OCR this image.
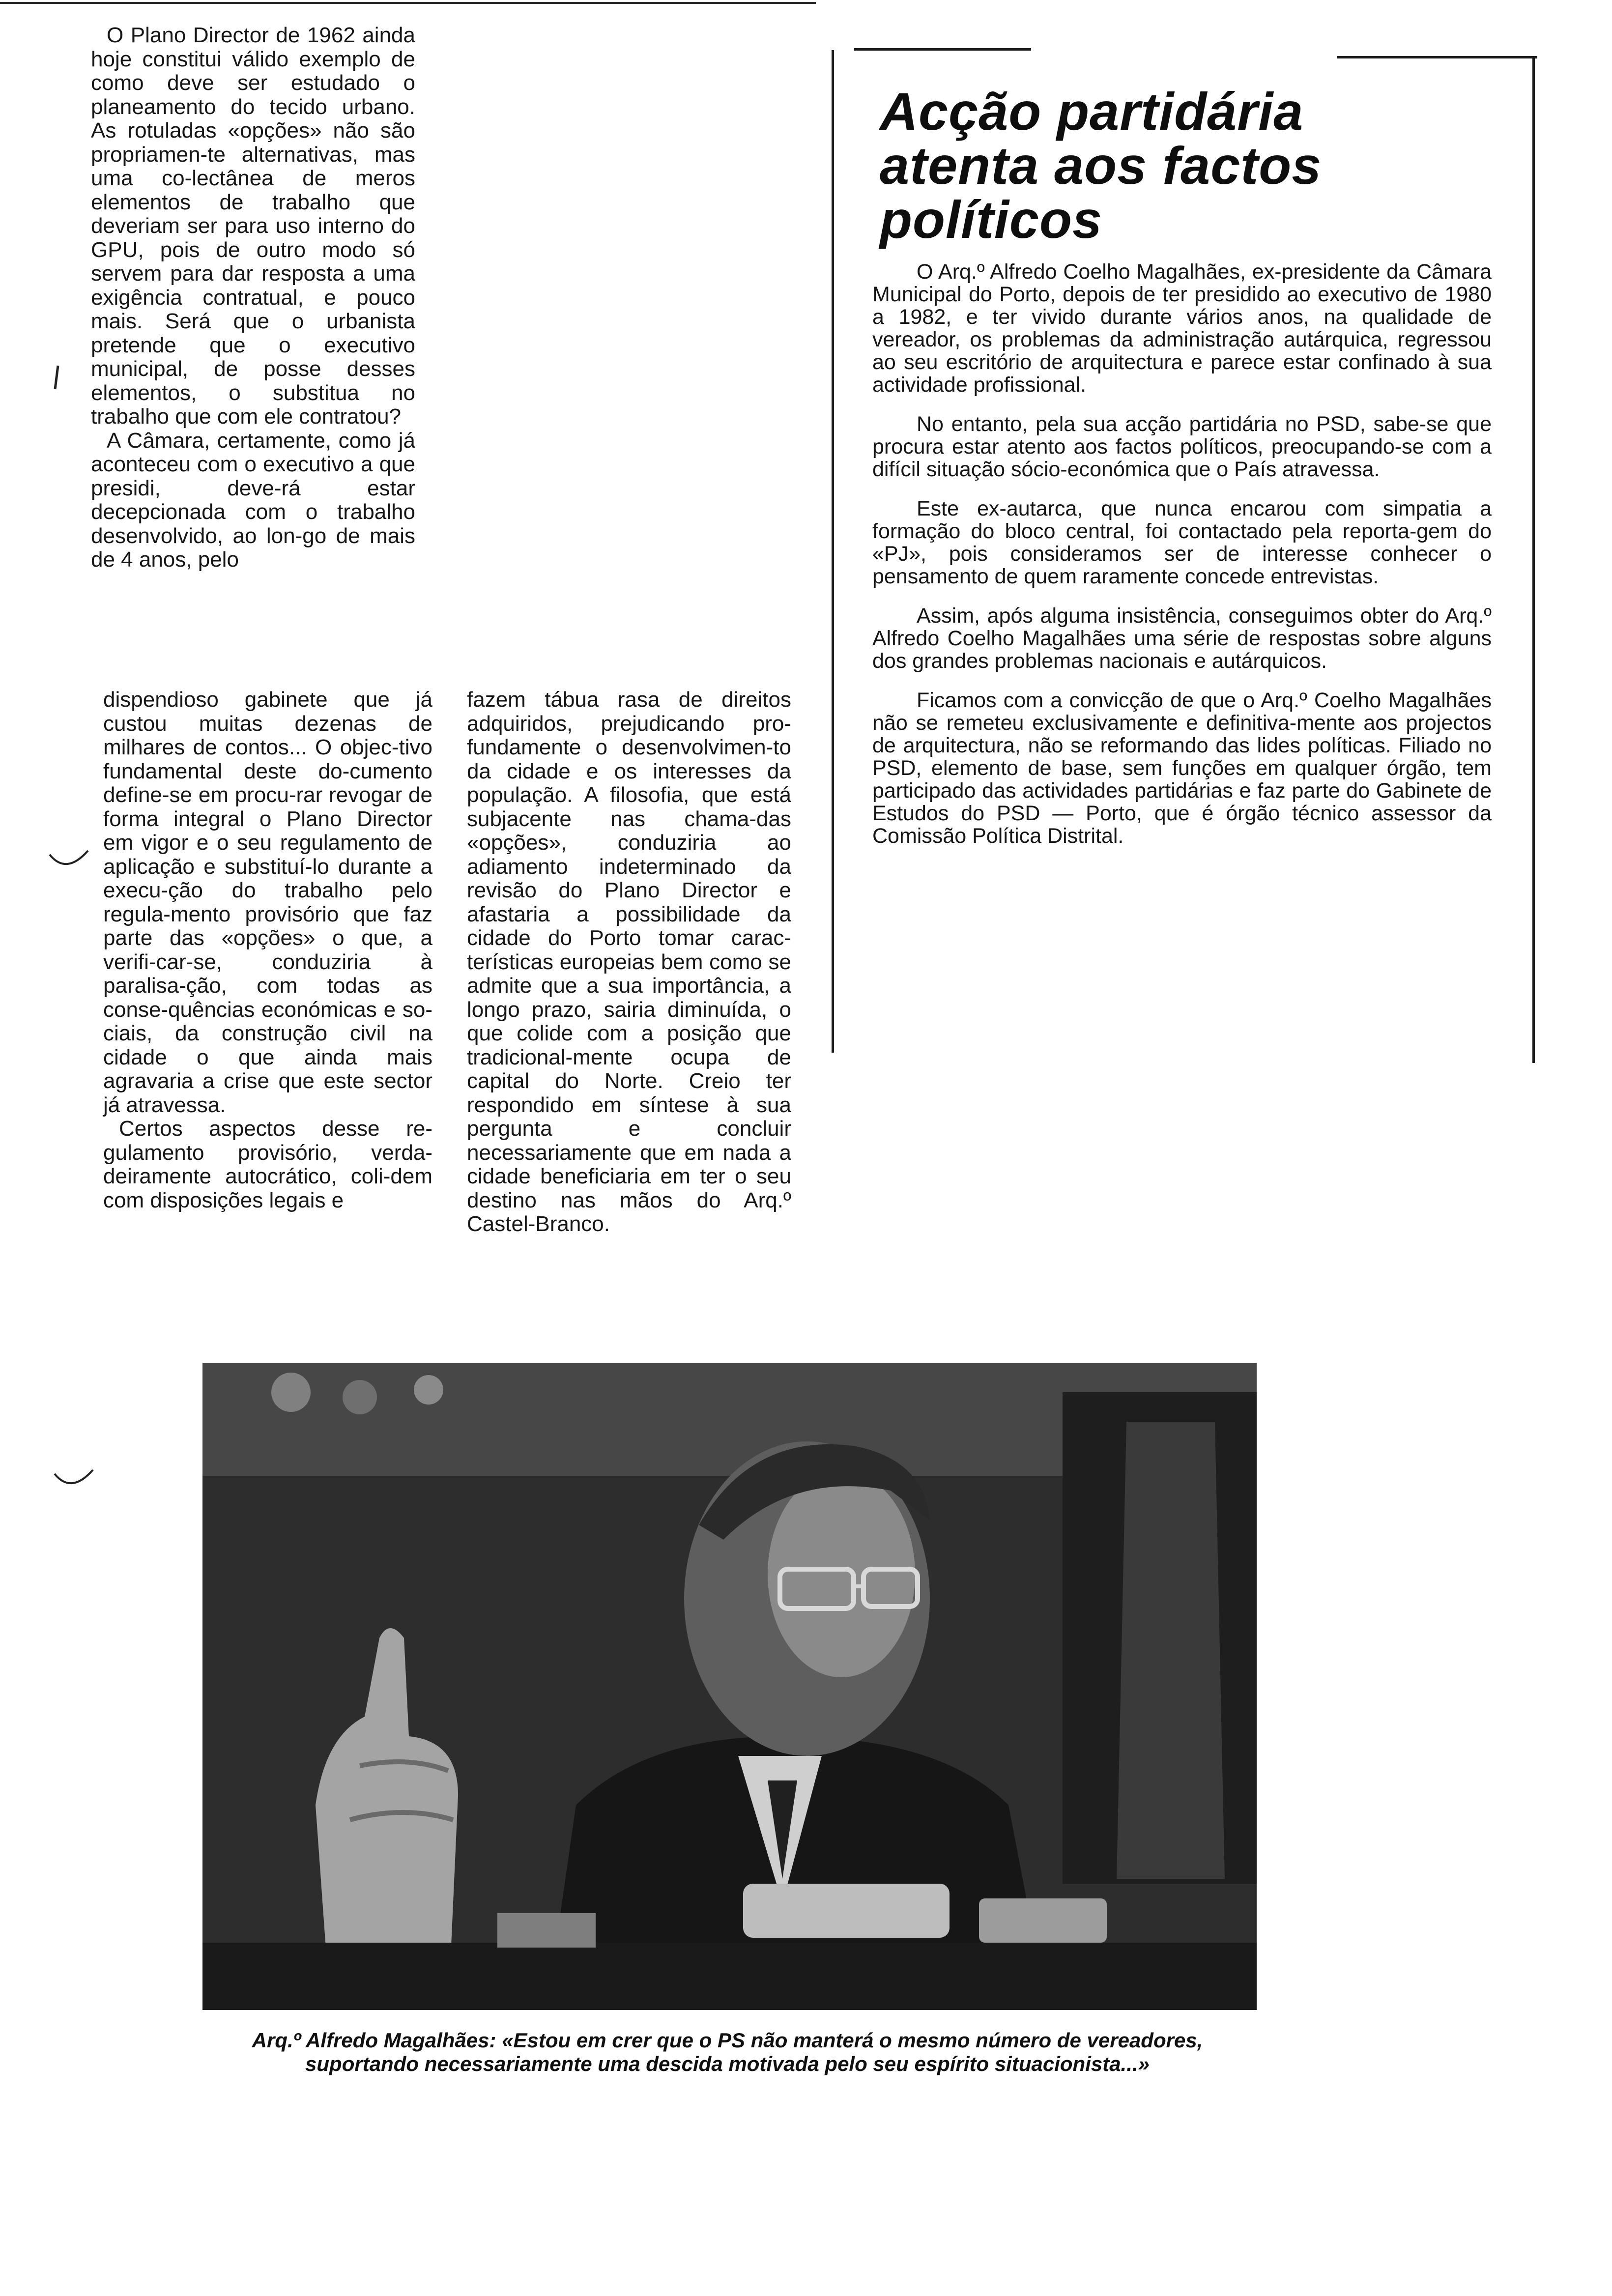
O Plano Director de 1962 ainda hoje constitui válido exemplo de como deve ser estudado o planeamento do tecido urbano. As rotuladas «opções» não são propriamen-te alternativas, mas uma co-lectânea de meros elementos de trabalho que deveriam ser para uso interno do GPU, pois de outro modo só servem para dar resposta a uma exigência contratual, e pouco mais. Será que o urbanista pretende que o executivo municipal, de posse desses elementos, o substitua no trabalho que com ele contratou?

A Câmara, certamente, como já aconteceu com o executivo a que presidi, deve-rá estar decepcionada com o trabalho desenvolvido, ao lon-go de mais de 4 anos, pelo

dispendioso gabinete que já custou muitas dezenas de milhares de contos... O objec-tivo fundamental deste do-cumento define-se em procu-rar revogar de forma integral o Plano Director em vigor e o seu regulamento de aplicação e substituí-lo durante a execu-ção do trabalho pelo regula-mento provisório que faz parte das «opções» o que, a verifi-car-se, conduziria à paralisa-ção, com todas as conse-quências económicas e so-ciais, da construção civil na cidade o que ainda mais agravaria a crise que este sector já atravessa.

Certos aspectos desse re-gulamento provisório, verda-deiramente autocrático, coli-dem com disposições legais e

fazem tábua rasa de direitos adquiridos, prejudicando pro-fundamente o desenvolvimen-to da cidade e os interesses da população. A filosofia, que está subjacente nas chama-das «opções», conduziria ao adiamento indeterminado da revisão do Plano Director e afastaria a possibilidade da cidade do Porto tomar carac-terísticas europeias bem como se admite que a sua importância, a longo prazo, sairia diminuída, o que colide com a posição que tradicional-mente ocupa de capital do Norte. Creio ter respondido em síntese à sua pergunta e concluir necessariamente que em nada a cidade beneficiaria em ter o seu destino nas mãos do Arq.º Castel-Branco.

Acção partidária atenta aos factos políticos

O Arq.º Alfredo Coelho Magalhães, ex-presidente da Câmara Municipal do Porto, depois de ter presidido ao executivo de 1980 a 1982, e ter vivido durante vários anos, na qualidade de vereador, os problemas da administração autárquica, regressou ao seu escritório de arquitectura e parece estar confinado à sua actividade profissional.

No entanto, pela sua acção partidária no PSD, sabe-se que procura estar atento aos factos políticos, preocupando-se com a difícil situação sócio-económica que o País atravessa.

Este ex-autarca, que nunca encarou com simpatia a formação do bloco central, foi contactado pela reporta-gem do «PJ», pois consideramos ser de interesse conhecer o pensamento de quem raramente concede entrevistas.

Assim, após alguma insistência, conseguimos obter do Arq.º Alfredo Coelho Magalhães uma série de respostas sobre alguns dos grandes problemas nacionais e autárquicos.

Ficamos com a convicção de que o Arq.º Coelho Magalhães não se remeteu exclusivamente e definitiva-mente aos projectos de arquitectura, não se reformando das lides políticas. Filiado no PSD, elemento de base, sem funções em qualquer órgão, tem participado das actividades partidárias e faz parte do Gabinete de Estudos do PSD — Porto, que é órgão técnico assessor da Comissão Política Distrital.

Arq.º Alfredo Magalhães: «Estou em crer que o PS não manterá o mesmo número de vereadores, suportando necessariamente uma descida motivada pelo seu espírito situacionista...»
